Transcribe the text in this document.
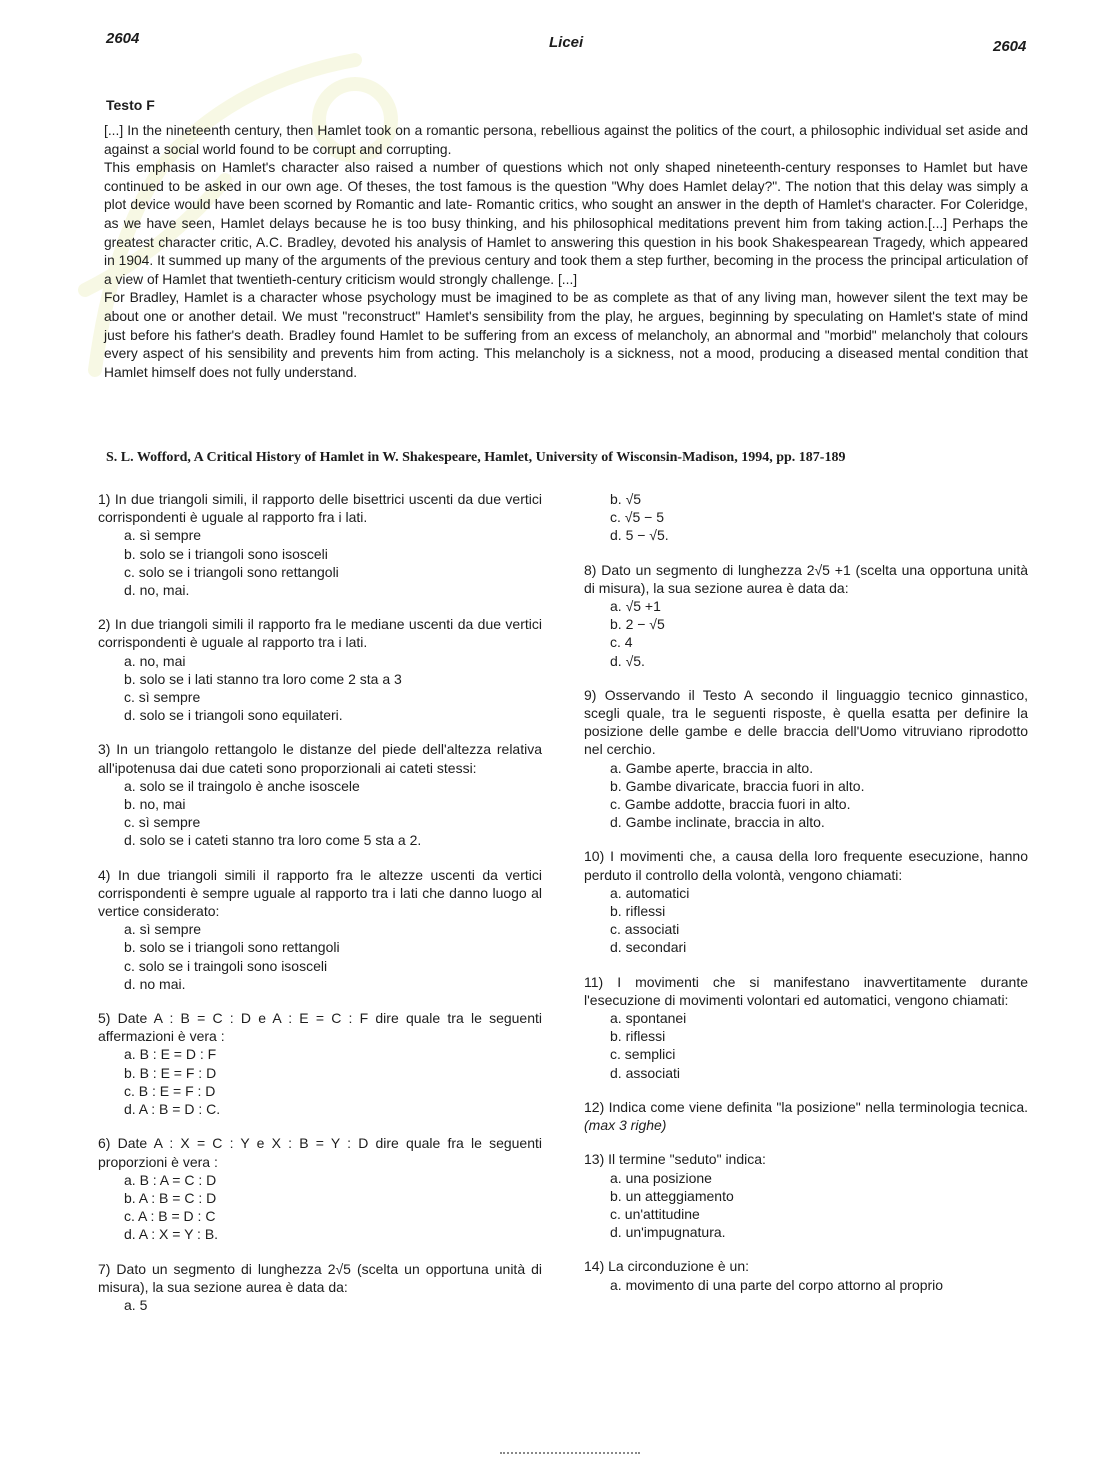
2604	Licei	2604
Testo F

[...] In the nineteenth century, then Hamlet took on a romantic persona, rebellious against the politics of the court, a philosophic individual set aside and against a social world found to be corrupt and corrupting.

This emphasis on Hamlet's character also raised a number of questions which not only shaped nineteenth-century responses to Hamlet but have continued to be asked in our own age. Of theses, the tost famous is the question "Why does Hamlet delay?". The notion that this delay was simply a plot device would have been scorned by Romantic and late- Romantic critics, who sought an answer in the depth of Hamlet's character. For Coleridge, as we have seen, Hamlet delays because he is too busy thinking, and his philosophical meditations prevent him from taking action.[...] Perhaps the greatest character critic, A.C. Bradley, devoted his analysis of Hamlet to answering this question in his book Shakespearean Tragedy, which appeared in 1904. It summed up many of the arguments of the previous century and took them a step further, becoming in the process the principal articulation of a view of Hamlet that twentieth-century criticism would strongly challenge. [...]

For Bradley, Hamlet is a character whose psychology must be imagined to be as complete as that of any living man, however silent the text may be about one or another detail. We must "reconstruct" Hamlet's sensibility from the play, he argues, beginning by speculating on Hamlet's state of mind just before his father's death. Bradley found Hamlet to be suffering from an excess of melancholy, an abnormal and "morbid" melancholy that colours every aspect of his sensibility and prevents him from acting. This melancholy is a sickness, not a mood, producing a diseased mental condition that Hamlet himself does not fully understand.

S. L. Wofford, A Critical History of Hamlet in W. Shakespeare, Hamlet, University of Wisconsin-Madison, 1994, pp. 187-189
1) In due triangoli simili, il rapporto delle bisettrici uscenti da due vertici corrispondenti è uguale al rapporto fra i lati.
a. sì sempre
b. solo se i triangoli sono isosceli
c. solo se i triangoli sono rettangoli
d. no, mai.
2) In due triangoli simili il rapporto fra le mediane uscenti da due vertici corrispondenti è uguale al rapporto tra i lati.
a. no, mai
b. solo se i lati stanno tra loro come 2 sta a 3
c. sì sempre
d. solo se i triangoli sono equilateri.
3) In un triangolo rettangolo le distanze del piede dell'altezza relativa all'ipotenusa dai due cateti sono proporzionali ai cateti stessi:
a. solo se il traingolo è anche isoscele
b. no, mai
c. sì sempre
d. solo se i cateti stanno tra loro come 5 sta a 2.
4) In due triangoli simili il rapporto fra le altezze uscenti da vertici corrispondenti è sempre uguale al rapporto tra i lati che danno luogo al vertice considerato:
a. sì sempre
b. solo se i triangoli sono rettangoli
c. solo se i traingoli sono isosceli
d. no mai.
5) Date A : B = C : D e A : E = C : F dire quale tra le seguenti affermazioni è vera :
a. B : E = D : F
b. B : E = F : D
c. B : E = F : D
d. A : B = D : C.
6) Date A : X = C : Y e X : B = Y : D dire quale fra le seguenti proporzioni è vera :
a. B : A = C : D
b. A : B = C : D
c. A : B = D : C
d. A : X = Y : B.
7) Dato un segmento di lunghezza 2√5 (scelta un opportuna unità di misura), la sua sezione aurea è data da:
a. 5
b. √5
c. √5 − 5
d. 5 − √5.
8) Dato un segmento di lunghezza 2√5 +1 (scelta una opportuna unità di misura), la sua sezione aurea è data da:
a. √5 +1
b. 2 − √5
c. 4
d. √5.
9) Osservando il Testo A secondo il linguaggio tecnico ginnastico, scegli quale, tra le seguenti risposte, è quella esatta per definire la posizione delle gambe e delle braccia dell'Uomo vitruviano riprodotto nel cerchio.
a. Gambe aperte, braccia in alto.
b. Gambe divaricate, braccia fuori in alto.
c. Gambe addotte, braccia fuori in alto.
d. Gambe inclinate, braccia in alto.
10) I movimenti che, a causa della loro frequente esecuzione, hanno perduto il controllo della volontà, vengono chiamati:
a. automatici
b. riflessi
c. associati
d. secondari
11) I movimenti che si manifestano inavvertitamente durante l'esecuzione di movimenti volontari ed automatici, vengono chiamati:
a. spontanei
b. riflessi
c. semplici
d. associati
12) Indica come viene definita "la posizione" nella terminologia tecnica. (max 3 righe)
13) Il termine "seduto" indica:
a. una posizione
b. un atteggiamento
c. un'attitudine
d. un'impugnatura.
14) La circonduzione è un:
a. movimento di una parte del corpo attorno al proprio
